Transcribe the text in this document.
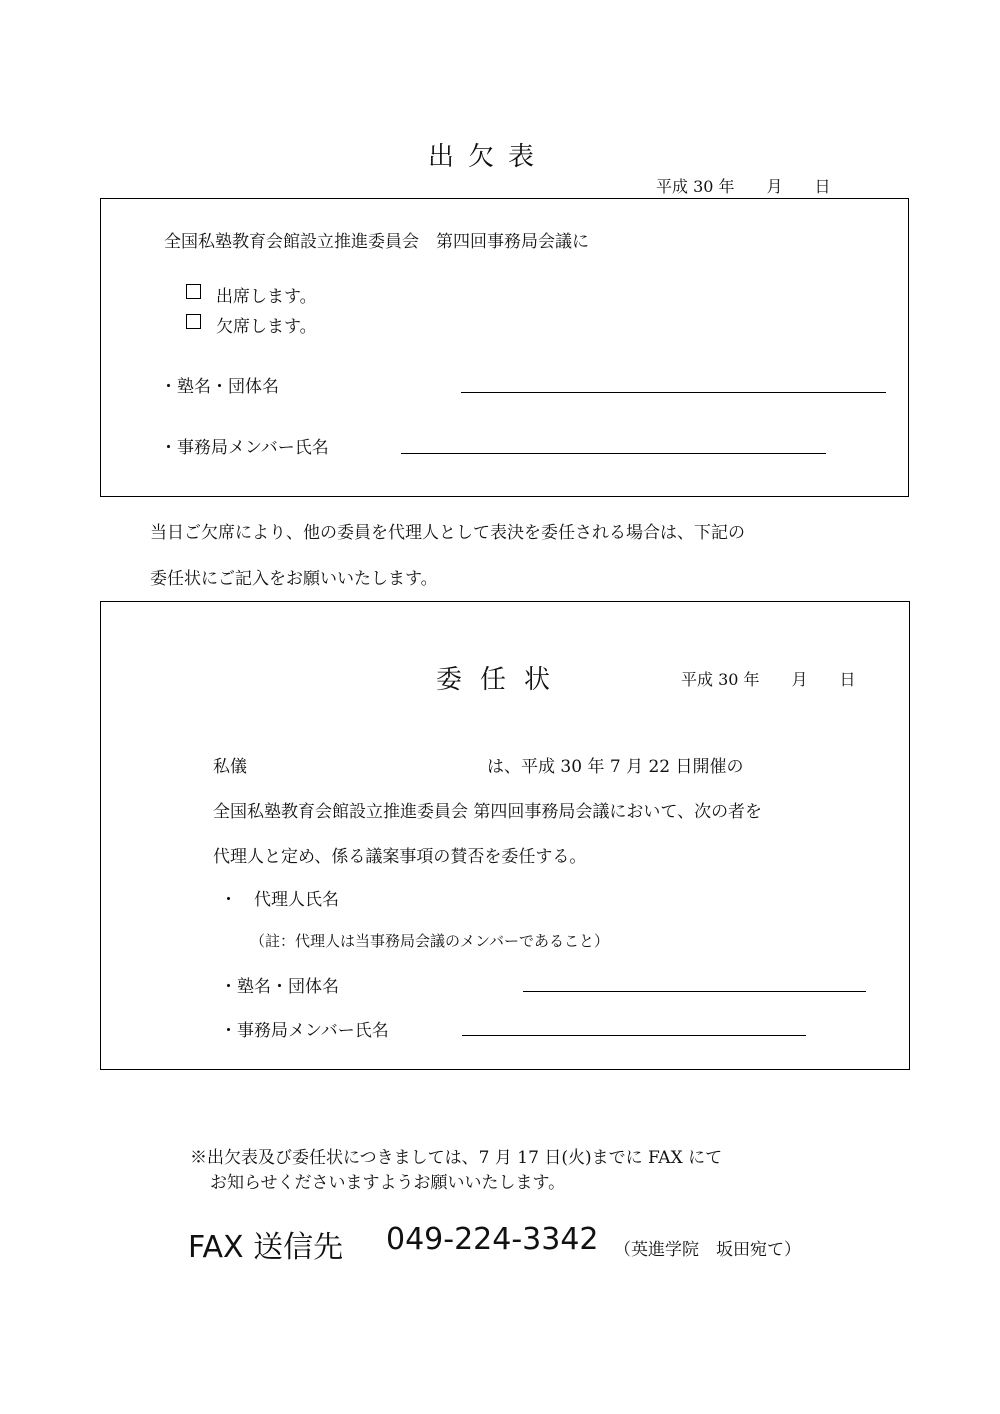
出欠表
平成 30 年　　月　　日
全国私塾教育会館設立推進委員会　第四回事務局会議に
出席します。
欠席します。
・塾名・団体名
・事務局メンバー氏名
当日ご欠席により、他の委員を代理人として表決を委任される場合は、下記の
委任状にご記入をお願いいたします。
委任状	平成 30 年　　月　　日
私儀	は、平成 30 年 7 月 22 日開催の
全国私塾教育会館設立推進委員会 第四回事務局会議において、次の者を
代理人と定め、係る議案事項の賛否を委任する。
・　代理人氏名
（註：代理人は当事務局会議のメンバーであること）
・塾名・団体名
・事務局メンバー氏名
※出欠表及び委任状につきましては、7 月 17 日(火)までに FAX にて
お知らせくださいますようお願いいたします。
FAX 送信先 049-224-3342 （英進学院　坂田宛て）
